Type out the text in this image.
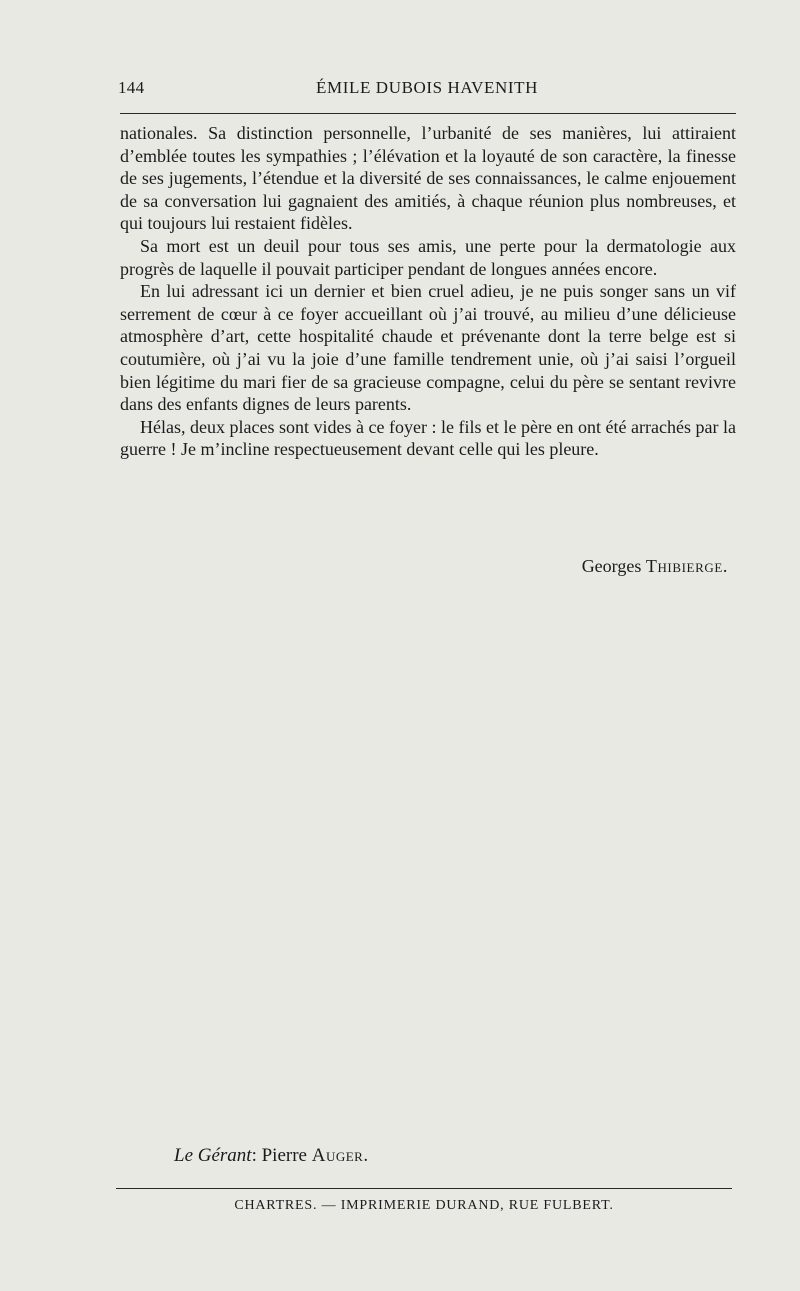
144	ÉMILE DUBOIS HAVENITH

nationales. Sa distinction personnelle, l’urbanité de ses manières, lui attiraient d’emblée toutes les sympathies ; l’élévation et la loyauté de son caractère, la finesse de ses jugements, l’étendue et la diversité de ses connaissances, le calme enjouement de sa conversation lui gagnaient des amitiés, à chaque réunion plus nombreuses, et qui toujours lui restaient fidèles.

Sa mort est un deuil pour tous ses amis, une perte pour la dermatologie aux progrès de laquelle il pouvait participer pendant de longues années encore.

En lui adressant ici un dernier et bien cruel adieu, je ne puis songer sans un vif serrement de cœur à ce foyer accueillant où j’ai trouvé, au milieu d’une délicieuse atmosphère d’art, cette hospitalité chaude et prévenante dont la terre belge est si coutumière, où j’ai vu la joie d’une famille tendrement unie, où j’ai saisi l’orgueil bien légitime du mari fier de sa gracieuse compagne, celui du père se sentant revivre dans des enfants dignes de leurs parents.

Hélas, deux places sont vides à ce foyer : le fils et le père en ont été arrachés par la guerre ! Je m’incline respectueusement devant celle qui les pleure.

Georges Thibierge.
Le Gérant: Pierre Auger.
CHARTRES. — IMPRIMERIE DURAND, RUE FULBERT.
